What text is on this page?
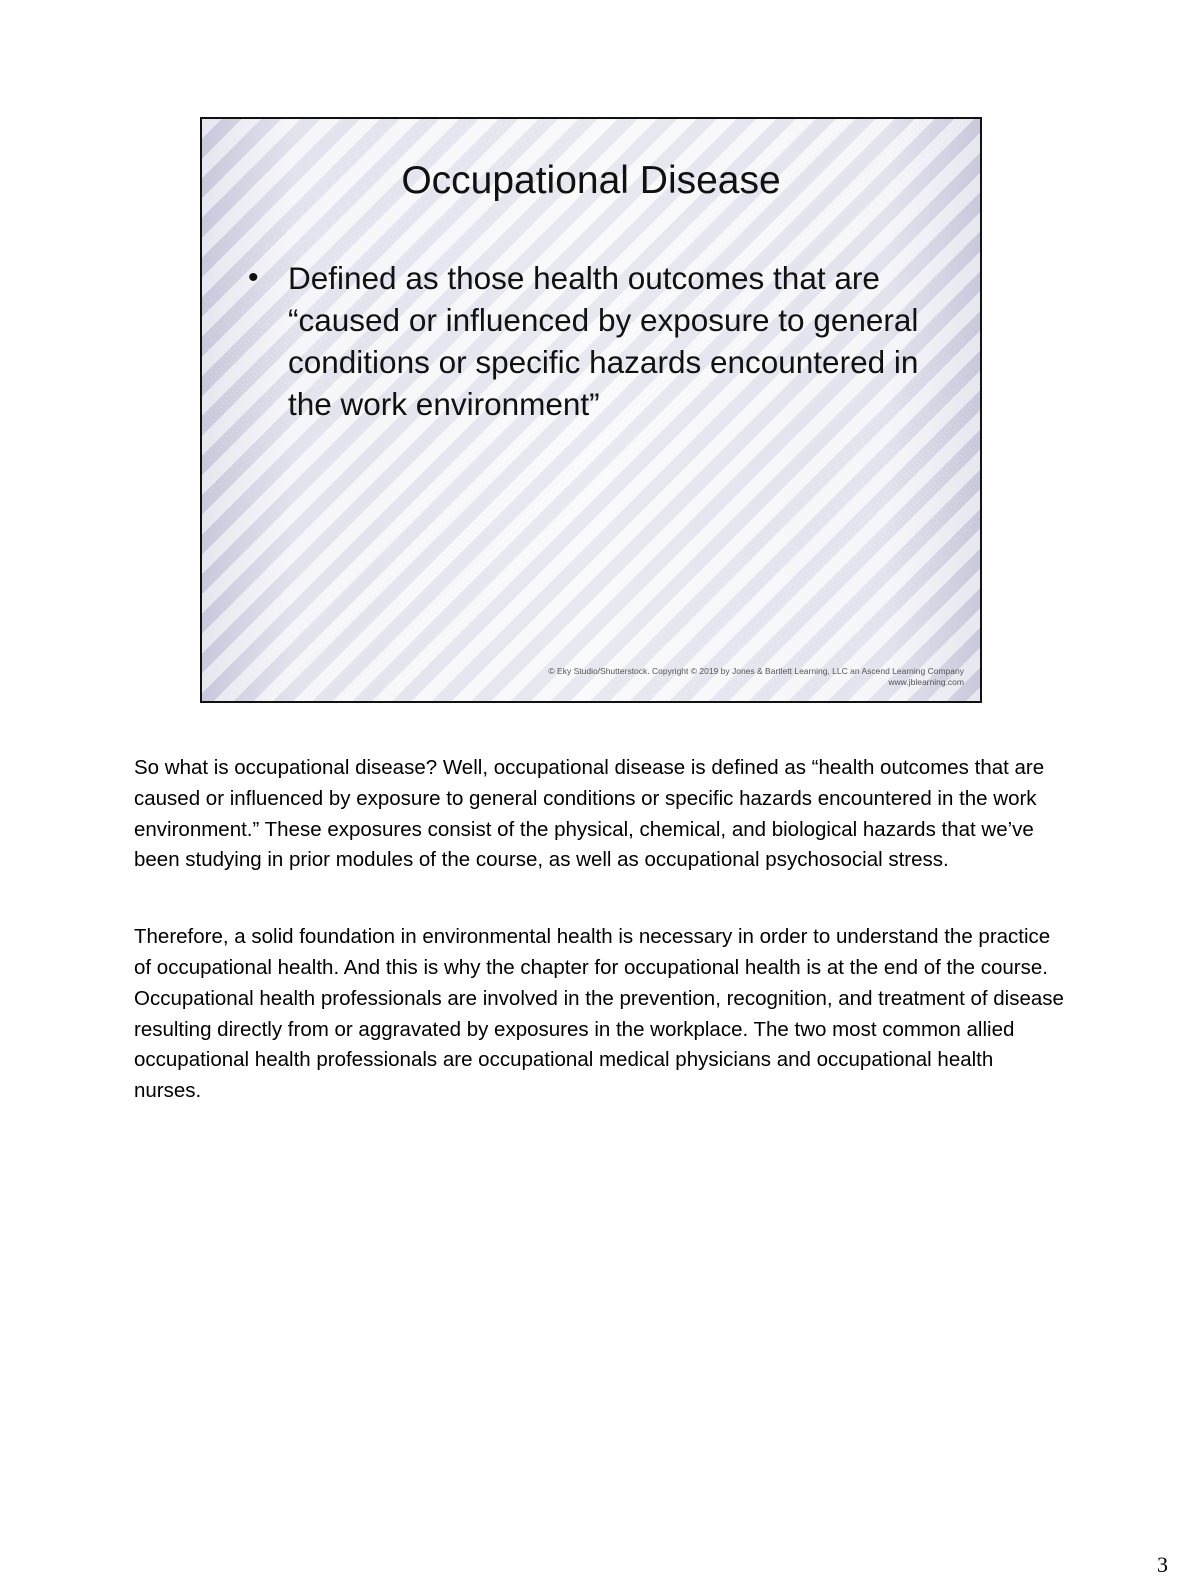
Occupational Disease
• Defined as those health outcomes that are “caused or influenced by exposure to general conditions or specific hazards encountered in the work environment”
© Eky Studio/Shutterstock. Copyright © 2019 by Jones & Bartlett Learning, LLC an Ascend Learning Company
www.jblearning.com

So what is occupational disease? Well, occupational disease is defined as “health outcomes that are caused or influenced by exposure to general conditions or specific hazards encountered in the work environment.” These exposures consist of the physical, chemical, and biological hazards that we’ve been studying in prior modules of the course, as well as occupational psychosocial stress.

Therefore, a solid foundation in environmental health is necessary in order to understand the practice of occupational health. And this is why the chapter for occupational health is at the end of the course. Occupational health professionals are involved in the prevention, recognition, and treatment of disease resulting directly from or aggravated by exposures in the workplace. The two most common allied occupational health professionals are occupational medical physicians and occupational health nurses.

3
